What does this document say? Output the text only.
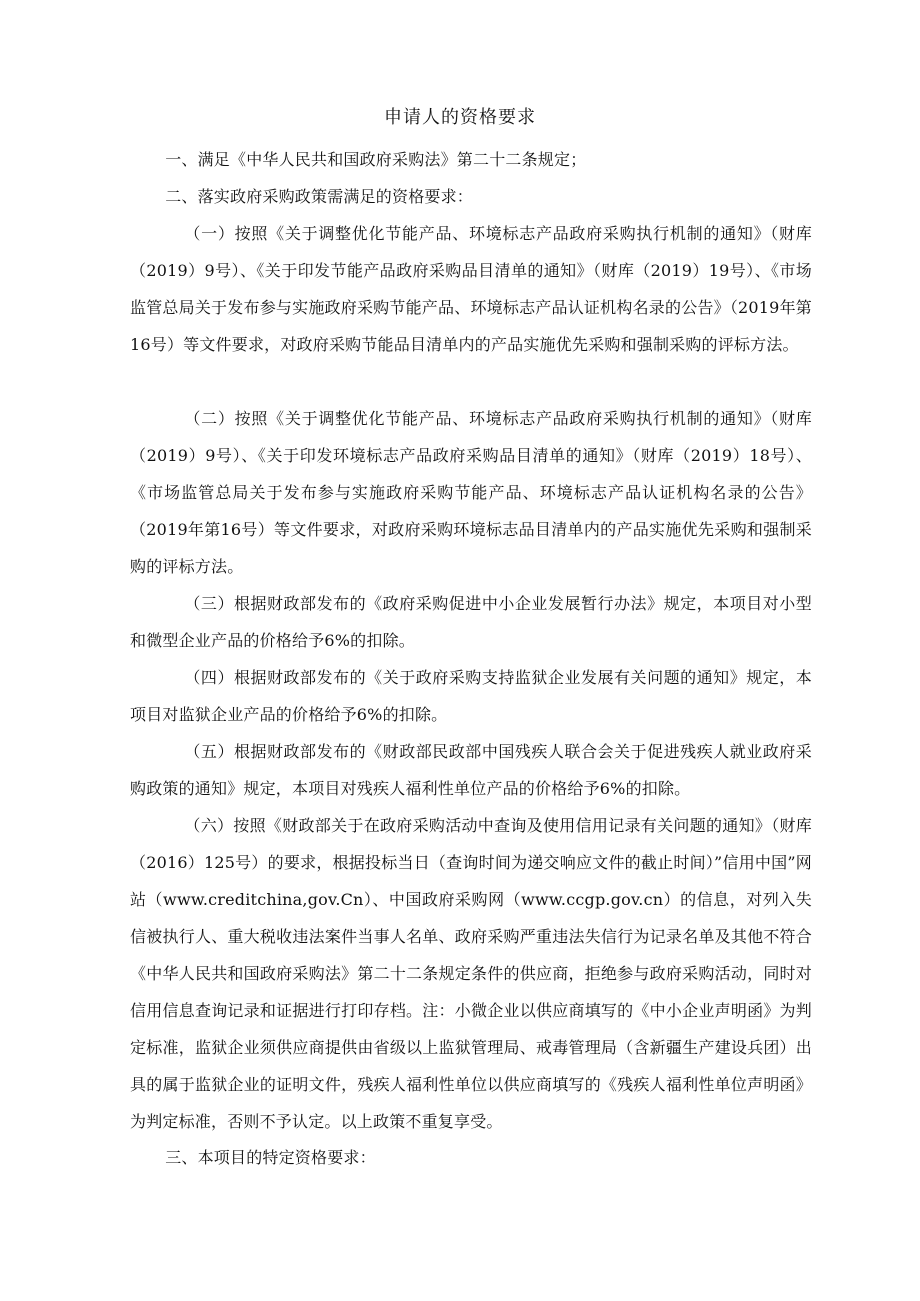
申请人的资格要求
一、满足《中华人民共和国政府采购法》第二十二条规定；
二、落实政府采购政策需满足的资格要求：
（一）按照《关于调整优化节能产品、环境标志产品政府采购执行机制的通知》（财库（2019）9号）、《关于印发节能产品政府采购品目清单的通知》（财库（2019）19号）、《市场监管总局关于发布参与实施政府采购节能产品、环境标志产品认证机构名录的公告》（2019年第16号）等文件要求，对政府采购节能品目清单内的产品实施优先采购和强制采购的评标方法。
（二）按照《关于调整优化节能产品、环境标志产品政府采购执行机制的通知》（财库（2019）9号）、《关于印发环境标志产品政府采购品目清单的通知》（财库（2019）18号）、《市场监管总局关于发布参与实施政府采购节能产品、环境标志产品认证机构名录的公告》（2019年第16号）等文件要求，对政府采购环境标志品目清单内的产品实施优先采购和强制采购的评标方法。
（三）根据财政部发布的《政府采购促进中小企业发展暂行办法》规定，本项目对小型和微型企业产品的价格给予6%的扣除。
（四）根据财政部发布的《关于政府采购支持监狱企业发展有关问题的通知》规定，本项目对监狱企业产品的价格给予6%的扣除。
（五）根据财政部发布的《财政部民政部中国残疾人联合会关于促进残疾人就业政府采购政策的通知》规定，本项目对残疾人福利性单位产品的价格给予6%的扣除。
（六）按照《财政部关于在政府采购活动中查询及使用信用记录有关问题的通知》（财库（2016）125号）的要求，根据投标当日（查询时间为递交响应文件的截止时间）”信用中国”网站（www.creditchina,gov.Cn）、中国政府采购网（www.ccgp.gov.cn）的信息，对列入失信被执行人、重大税收违法案件当事人名单、政府采购严重违法失信行为记录名单及其他不符合《中华人民共和国政府采购法》第二十二条规定条件的供应商，拒绝参与政府采购活动，同时对信用信息查询记录和证据进行打印存档。注：小微企业以供应商填写的《中小企业声明函》为判定标准，监狱企业须供应商提供由省级以上监狱管理局、戒毒管理局（含新疆生产建设兵团）出具的属于监狱企业的证明文件，残疾人福利性单位以供应商填写的《残疾人福利性单位声明函》为判定标准，否则不予认定。以上政策不重复享受。
三、本项目的特定资格要求：
